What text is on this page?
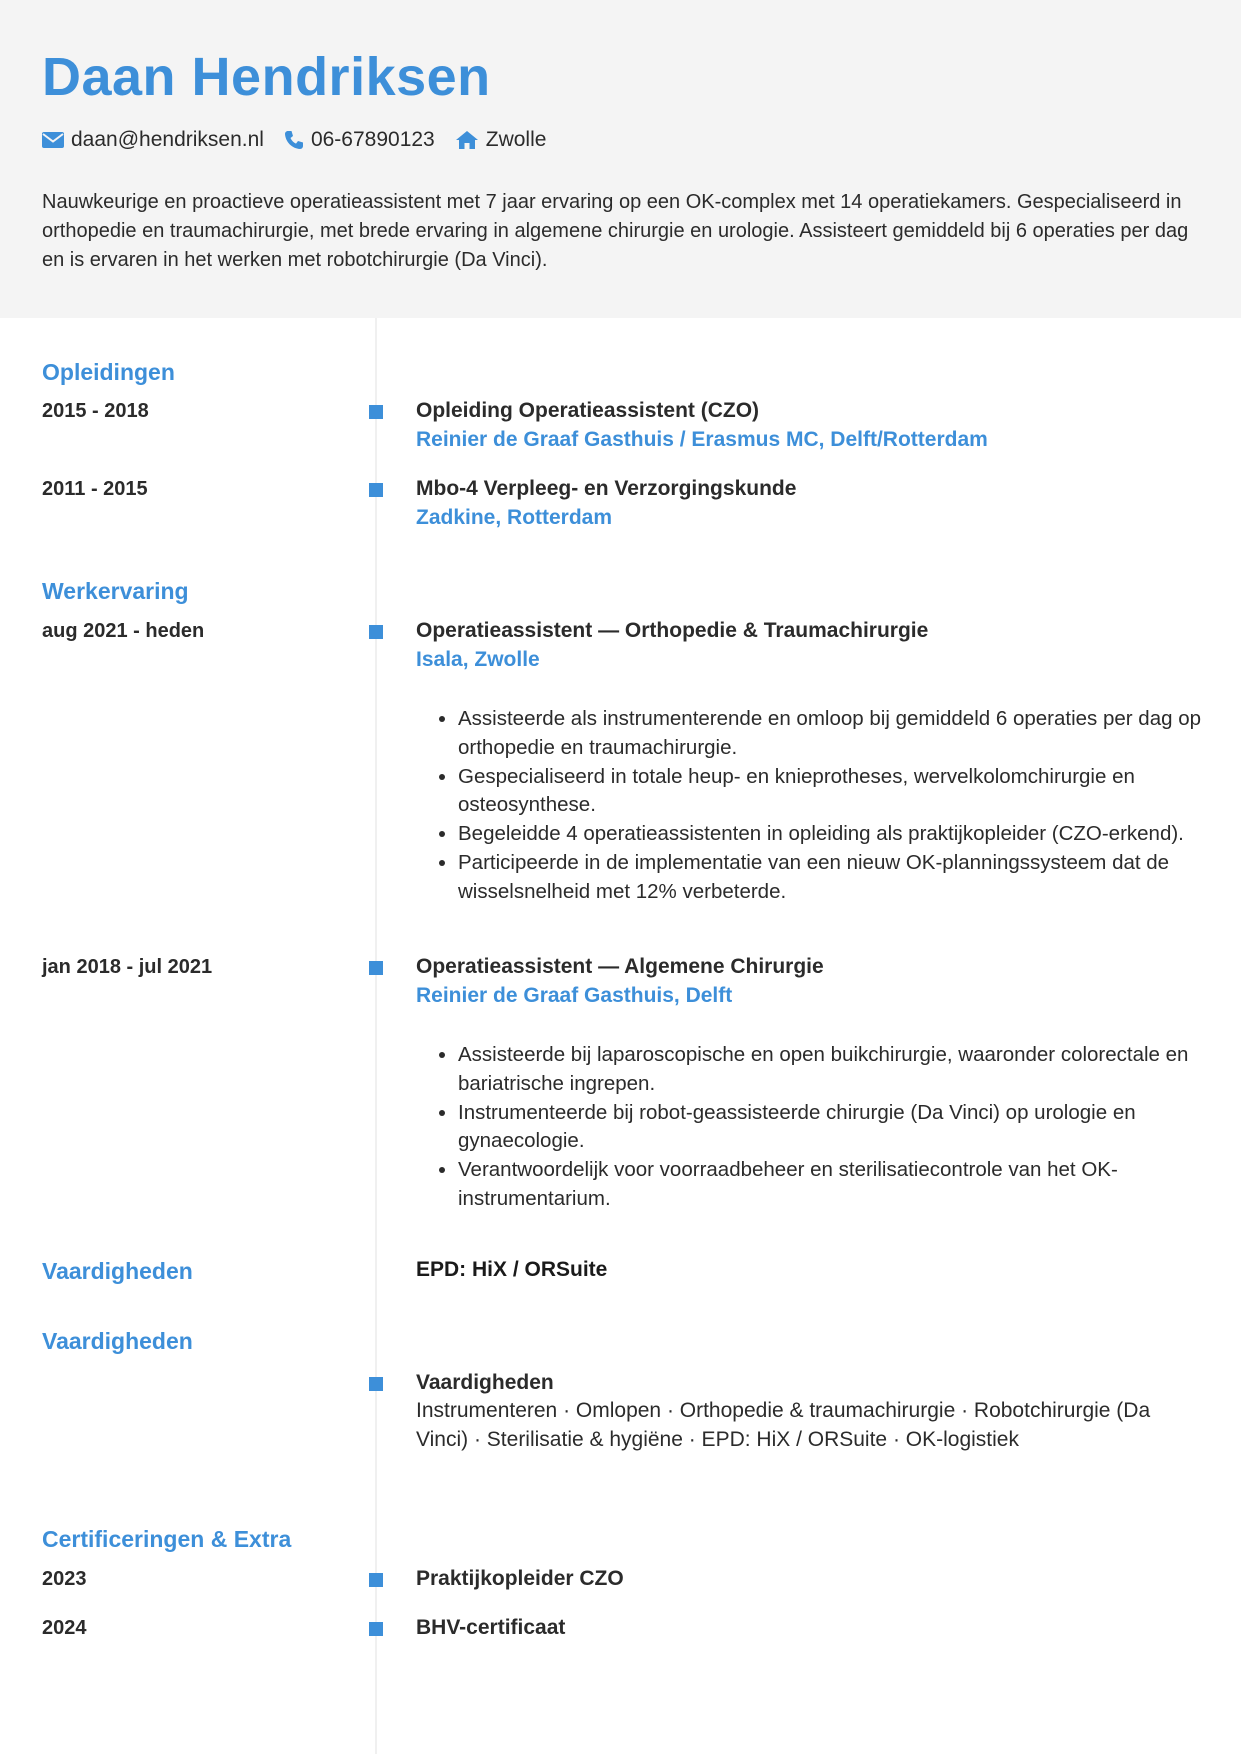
Daan Hendriksen
daan@hendriksen.nl 06-67890123 Zwolle

Nauwkeurige en proactieve operatieassistent met 7 jaar ervaring op een OK-complex met 14 operatiekamers. Gespecialiseerd in orthopedie en traumachirurgie, met brede ervaring in algemene chirurgie en urologie. Assisteert gemiddeld bij 6 operaties per dag en is ervaren in het werken met robotchirurgie (Da Vinci).

Opleidingen
2015 - 2018	Opleiding Operatieassistent (CZO)
Reinier de Graaf Gasthuis / Erasmus MC, Delft/Rotterdam
2011 - 2015	Mbo-4 Verpleeg- en Verzorgingskunde
Zadkine, Rotterdam
Werkervaring
aug 2021 - heden	Operatieassistent — Orthopedie & Traumachirurgie
Isala, Zwolle
• Assisteerde als instrumenterende en omloop bij gemiddeld 6 operaties per dag op orthopedie en traumachirurgie.
• Gespecialiseerd in totale heup- en knieprotheses, wervelkolomchirurgie en osteosynthese.
• Begeleidde 4 operatieassistenten in opleiding als praktijkopleider (CZO-erkend).
• Participeerde in de implementatie van een nieuw OK-planningssysteem dat de wisselsnelheid met 12% verbeterde.
jan 2018 - jul 2021	Operatieassistent — Algemene Chirurgie
Reinier de Graaf Gasthuis, Delft
• Assisteerde bij laparoscopische en open buikchirurgie, waaronder colorectale en bariatrische ingrepen.
• Instrumenteerde bij robot-geassisteerde chirurgie (Da Vinci) op urologie en gynaecologie.
• Verantwoordelijk voor voorraadbeheer en sterilisatiecontrole van het OK-instrumentarium.
Vaardigheden	EPD: HiX / ORSuite
Vaardigheden
Vaardigheden

Instrumenteren · Omlopen · Orthopedie & traumachirurgie · Robotchirurgie (Da Vinci) · Sterilisatie & hygiëne · EPD: HiX / ORSuite · OK-logistiek

Certificeringen & Extra
2023	Praktijkopleider CZO
2024	BHV-certificaat
